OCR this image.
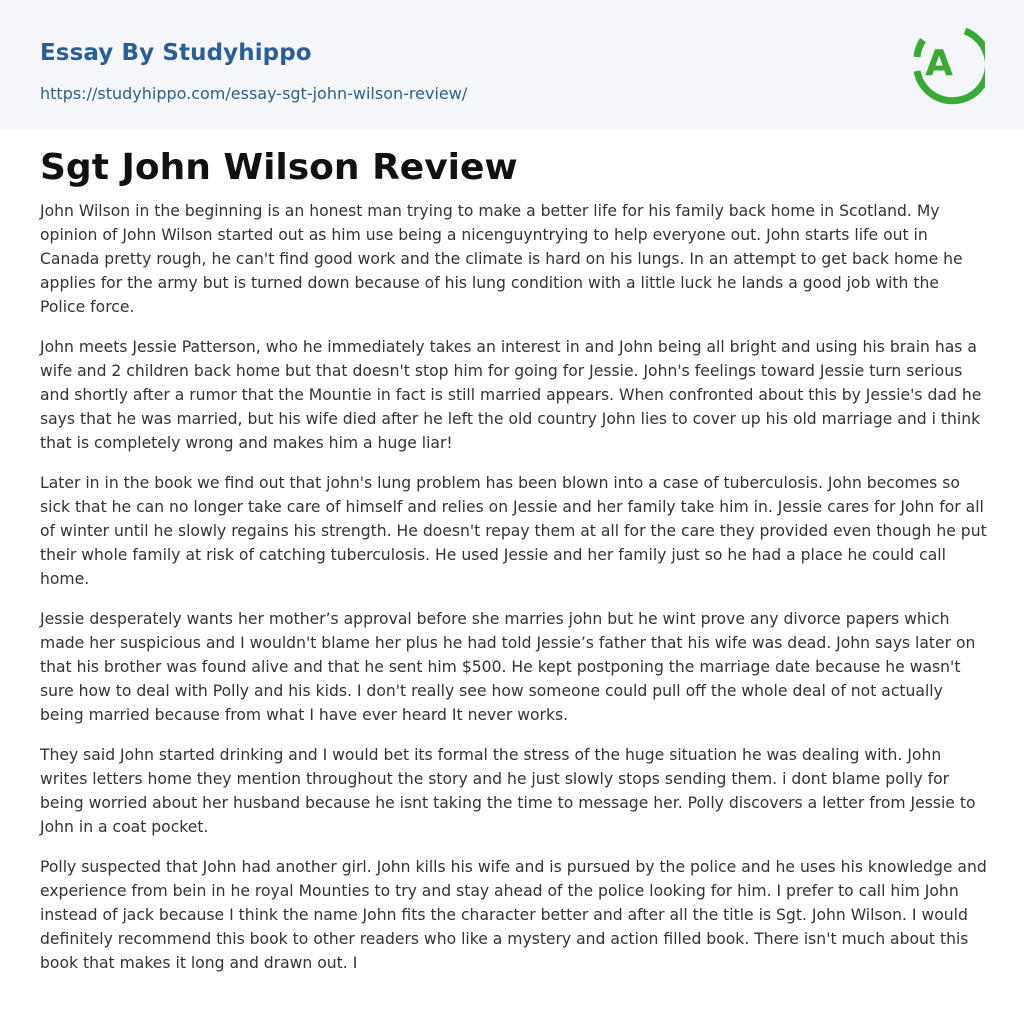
Essay By Studyhippo
https://studyhippo.com/essay-sgt-john-wilson-review/
A
Sgt John Wilson Review

John Wilson in the beginning is an honest man trying to make a better life for his family back home in Scotland. My opinion of John Wilson started out as him use being a nicenguyntrying to help everyone out. John starts life out in Canada pretty rough, he can't find good work and the climate is hard on his lungs. In an attempt to get back home he applies for the army but is turned down because of his lung condition with a little luck he lands a good job with the Police force.

John meets Jessie Patterson, who he immediately takes an interest in and John being all bright and using his brain has a wife and 2 children back home but that doesn't stop him for going for Jessie. John's feelings toward Jessie turn serious and shortly after a rumor that the Mountie in fact is still married appears. When confronted about this by Jessie's dad he says that he was married, but his wife died after he left the old country John lies to cover up his old marriage and i think that is completely wrong and makes him a huge liar!

Later in in the book we find out that john's lung problem has been blown into a case of tuberculosis. John becomes so sick that he can no longer take care of himself and relies on Jessie and her family take him in. Jessie cares for John for all of winter until he slowly regains his strength. He doesn't repay them at all for the care they provided even though he put their whole family at risk of catching tuberculosis. He used Jessie and her family just so he had a place he could call home.

Jessie desperately wants her mother’s approval before she marries john but he wint prove any divorce papers which made her suspicious and I wouldn't blame her plus he had told Jessie’s father that his wife was dead. John says later on that his brother was found alive and that he sent him $500. He kept postponing the marriage date because he wasn't sure how to deal with Polly and his kids. I don't really see how someone could pull off the whole deal of not actually being married because from what I have ever heard It never works.

They said John started drinking and I would bet its formal the stress of the huge situation he was dealing with. John writes letters home they mention throughout the story and he just slowly stops sending them. i dont blame polly for being worried about her husband because he isnt taking the time to message her. Polly discovers a letter from Jessie to John in a coat pocket.

Polly suspected that John had another girl. John kills his wife and is pursued by the police and he uses his knowledge and experience from bein in he royal Mounties to try and stay ahead of the police looking for him. I prefer to call him John instead of jack because I think the name John fits the character better and after all the title is Sgt. John Wilson. I would definitely recommend this book to other readers who like a mystery and action filled book. There isn't much about this book that makes it long and drawn out. I
